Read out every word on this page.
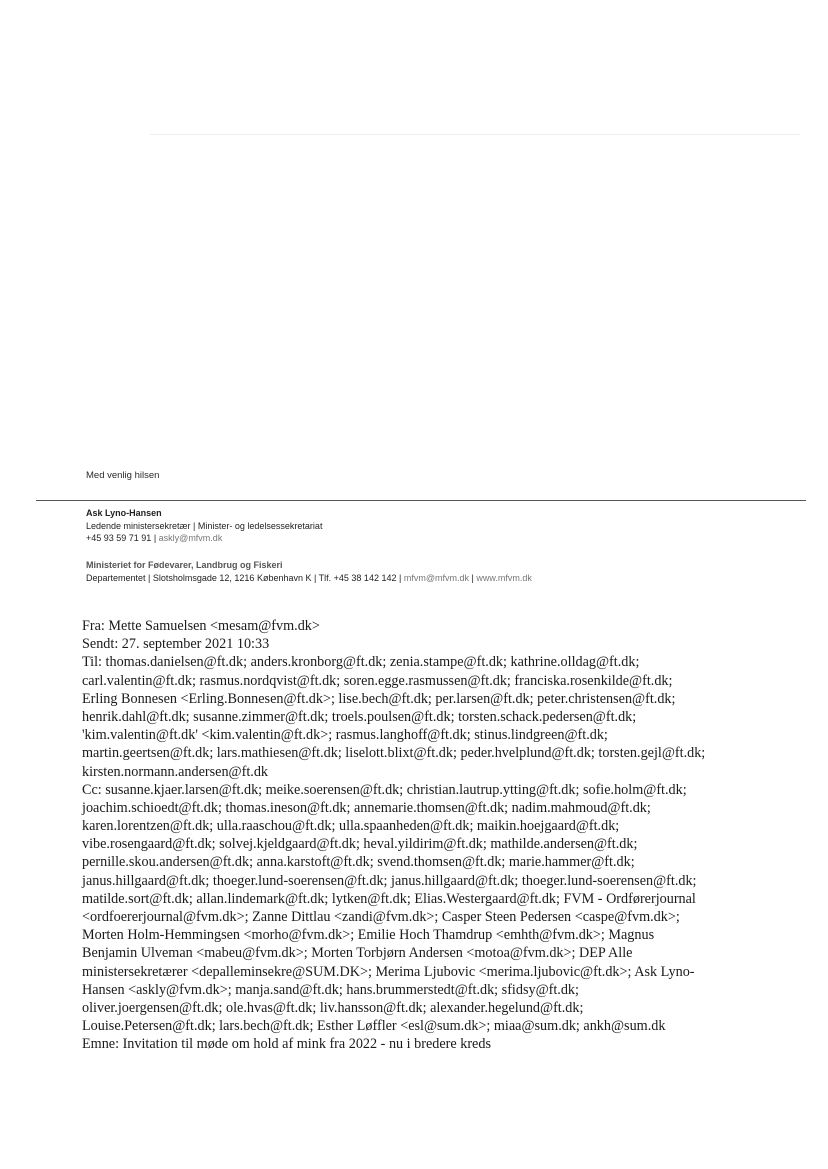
Med venlig hilsen
Ask Lyno-Hansen
Ledende ministersekretær | Minister- og ledelsessekretariat
+45 93 59 71 91 | askly@mfvm.dk
Ministeriet for Fødevarer, Landbrug og Fiskeri
Departementet | Slotsholmsgade 12, 1216 København K | Tlf. +45 38 142 142 | mfvm@mfvm.dk | www.mfvm.dk
Fra: Mette Samuelsen <mesam@fvm.dk>
Sendt: 27. september 2021 10:33
Til: thomas.danielsen@ft.dk; anders.kronborg@ft.dk; zenia.stampe@ft.dk; kathrine.olldag@ft.dk;
carl.valentin@ft.dk; rasmus.nordqvist@ft.dk; soren.egge.rasmussen@ft.dk; franciska.rosenkilde@ft.dk;
Erling Bonnesen <Erling.Bonnesen@ft.dk>; lise.bech@ft.dk; per.larsen@ft.dk; peter.christensen@ft.dk;
henrik.dahl@ft.dk; susanne.zimmer@ft.dk; troels.poulsen@ft.dk; torsten.schack.pedersen@ft.dk;
'kim.valentin@ft.dk' <kim.valentin@ft.dk>; rasmus.langhoff@ft.dk; stinus.lindgreen@ft.dk;
martin.geertsen@ft.dk; lars.mathiesen@ft.dk; liselott.blixt@ft.dk; peder.hvelplund@ft.dk; torsten.gejl@ft.dk;
kirsten.normann.andersen@ft.dk
Cc: susanne.kjaer.larsen@ft.dk; meike.soerensen@ft.dk; christian.lautrup.ytting@ft.dk; sofie.holm@ft.dk;
joachim.schioedt@ft.dk; thomas.ineson@ft.dk; annemarie.thomsen@ft.dk; nadim.mahmoud@ft.dk;
karen.lorentzen@ft.dk; ulla.raaschou@ft.dk; ulla.spaanheden@ft.dk; maikin.hoejgaard@ft.dk;
vibe.rosengaard@ft.dk; solvej.kjeldgaard@ft.dk; heval.yildirim@ft.dk; mathilde.andersen@ft.dk;
pernille.skou.andersen@ft.dk; anna.karstoft@ft.dk; svend.thomsen@ft.dk; marie.hammer@ft.dk;
janus.hillgaard@ft.dk; thoeger.lund-soerensen@ft.dk; janus.hillgaard@ft.dk; thoeger.lund-soerensen@ft.dk;
matilde.sort@ft.dk; allan.lindemark@ft.dk; lytken@ft.dk; Elias.Westergaard@ft.dk; FVM - Ordførerjournal
<ordfoererjournal@fvm.dk>; Zanne Dittlau <zandi@fvm.dk>; Casper Steen Pedersen <caspe@fvm.dk>;
Morten Holm-Hemmingsen <morho@fvm.dk>; Emilie Hoch Thamdrup <emhth@fvm.dk>; Magnus
Benjamin Ulveman <mabeu@fvm.dk>; Morten Torbjørn Andersen <motoa@fvm.dk>; DEP Alle
ministersekretærer <depalleminsekre@SUM.DK>; Merima Ljubovic <merima.ljubovic@ft.dk>; Ask Lyno-
Hansen <askly@fvm.dk>; manja.sand@ft.dk; hans.brummerstedt@ft.dk; sfidsy@ft.dk;
oliver.joergensen@ft.dk; ole.hvas@ft.dk; liv.hansson@ft.dk; alexander.hegelund@ft.dk;
Louise.Petersen@ft.dk; lars.bech@ft.dk; Esther Løffler <esl@sum.dk>; miaa@sum.dk; ankh@sum.dk
Emne: Invitation til møde om hold af mink fra 2022 - nu i bredere kreds
